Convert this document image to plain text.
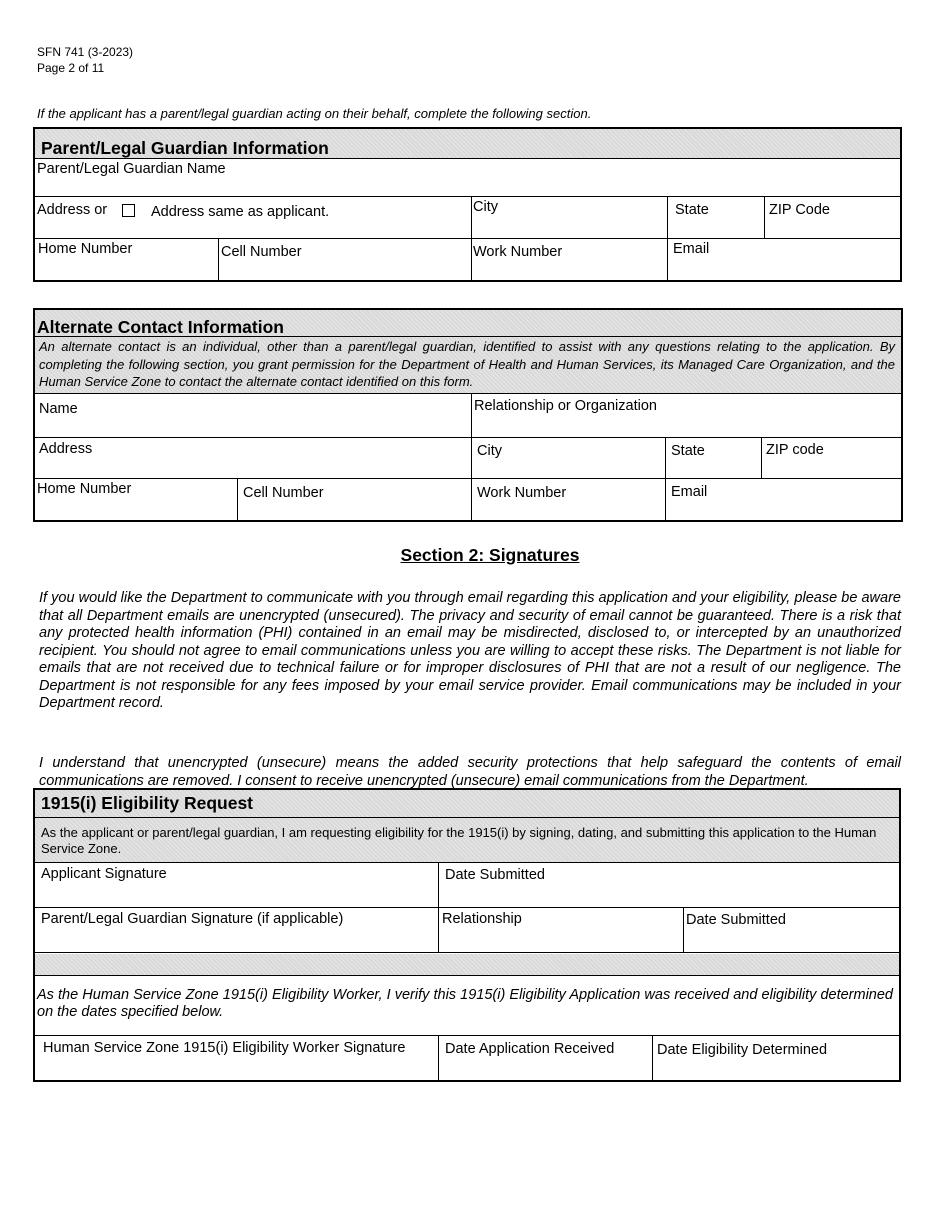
SFN 741 (3-2023)
Page 2 of 11
If the applicant has a parent/legal guardian acting on their behalf, complete the following section.
Parent/Legal Guardian Information
Parent/Legal Guardian Name
Address or	Address same as applicant.	City	State	ZIP Code
Home Number	Cell Number	Work Number	Email
Alternate Contact Information
An alternate contact is an individual, other than a parent/legal guardian, identified to assist with any questions relating to the application. By completing the following section, you grant permission for the Department of Health and Human Services, its Managed Care Organization, and the Human Service Zone to contact the alternate contact identified on this form.
Name	Relationship or Organization
Address	City	State	ZIP code
Home Number	Cell Number	Work Number	Email
Section 2: Signatures
If you would like the Department to communicate with you through email regarding this application and your eligibility, please be aware that all Department emails are unencrypted (unsecured). The privacy and security of email cannot be guaranteed. There is a risk that any protected health information (PHI) contained in an email may be misdirected, disclosed to, or intercepted by an unauthorized recipient. You should not agree to email communications unless you are willing to accept these risks. The Department is not liable for emails that are not received due to technical failure or for improper disclosures of PHI that are not a result of our negligence. The Department is not responsible for any fees imposed by your email service provider. Email communications may be included in your Department record.
I understand that unencrypted (unsecure) means the added security protections that help safeguard the contents of email communications are removed. I consent to receive unencrypted (unsecure) email communications from the Department.
1915(i) Eligibility Request
As the applicant or parent/legal guardian, I am requesting eligibility for the 1915(i) by signing, dating, and submitting this application to the Human Service Zone.
Applicant Signature	Date Submitted
Parent/Legal Guardian Signature (if applicable)	Relationship	Date Submitted
As the Human Service Zone 1915(i) Eligibility Worker, I verify this 1915(i) Eligibility Application was received and eligibility determined on the dates specified below.
Human Service Zone 1915(i) Eligibility Worker Signature	Date Application Received	Date Eligibility Determined
